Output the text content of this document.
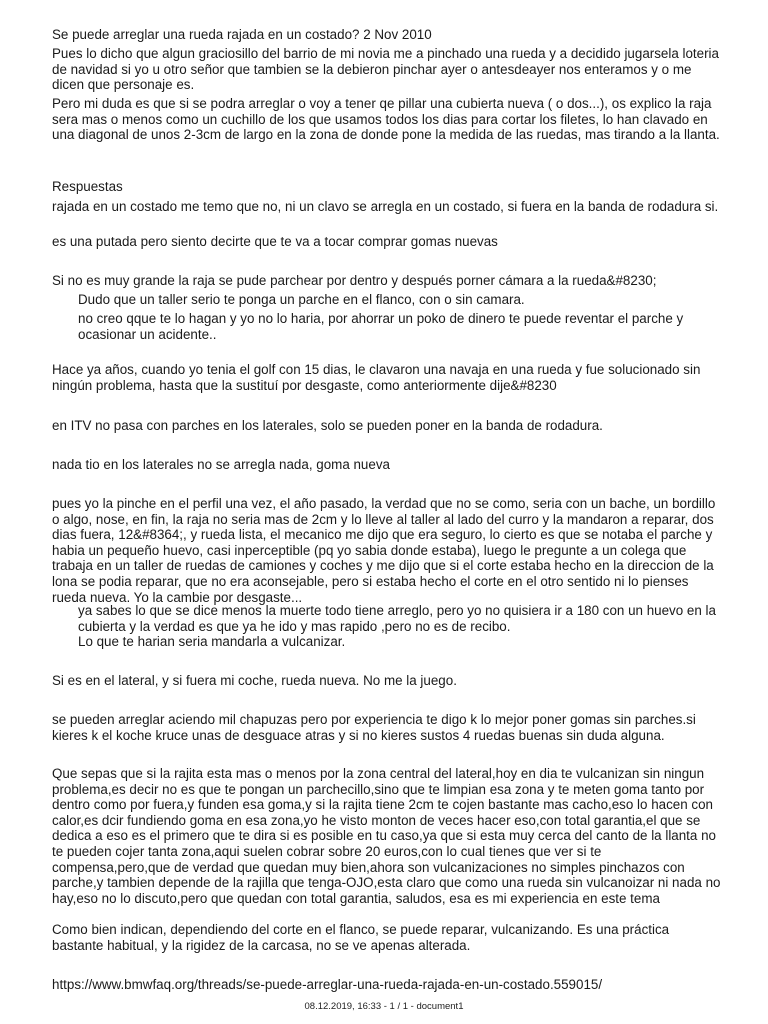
Se puede arreglar una rueda rajada en un costado? 2 Nov 2010

Pues lo dicho que algun graciosillo del barrio de mi novia me a pinchado una rueda y a decidido jugarsela loteria de navidad si yo u otro señor que tambien se la debieron pinchar ayer o antesdeayer nos enteramos y o me dicen que personaje es.

Pero mi duda es que si se podra arreglar o voy a tener qe pillar una cubierta nueva ( o dos...), os explico la raja sera mas o menos como un cuchillo de los que usamos todos los dias para cortar los filetes, lo han clavado en una diagonal de unos 2-3cm de largo en la zona de donde pone la medida de las ruedas, mas tirando a la llanta.

Respuestas

rajada en un costado me temo que no, ni un clavo se arregla en un costado, si fuera en la banda de rodadura si.

es una putada pero siento decirte que te va a tocar comprar gomas nuevas

Si no es muy grande la raja se pude parchear por dentro y después porner cámara a la rueda&#8230;

Dudo que un taller serio te ponga un parche en el flanco, con o sin camara.

no creo qque te lo hagan y yo no lo haria, por ahorrar un poko de dinero te puede reventar el parche y ocasionar un acidente..

Hace ya años, cuando yo tenia el golf con 15 dias, le clavaron una navaja en una rueda y fue solucionado sin ningún problema, hasta que la sustituí por desgaste, como anteriormente dije&#8230

en ITV no pasa con parches en los laterales, solo se pueden poner en la banda de rodadura.

nada tio en los laterales no se arregla nada, goma nueva

pues yo la pinche en el perfil una vez, el año pasado, la verdad que no se como, seria con un bache, un bordillo o algo, nose, en fin, la raja no seria mas de 2cm y lo lleve al taller al lado del curro y la mandaron a reparar, dos dias fuera, 12&#8364;, y rueda lista, el mecanico me dijo que era seguro, lo cierto es que se notaba el parche y habia un pequeño huevo, casi inperceptible (pq yo sabia donde estaba), luego le pregunte a un colega que trabaja en un taller de ruedas de camiones y coches y me dijo que si el corte estaba hecho en la direccion de la lona se podia reparar, que no era aconsejable, pero si estaba hecho el corte en el otro sentido ni lo pienses rueda nueva. Yo la cambie por desgaste...

ya sabes lo que se dice menos la muerte todo tiene arreglo, pero yo no quisiera ir a 180 con un huevo en la cubierta y la verdad es que ya he ido y mas rapido ,pero no es de recibo.

Lo que te harian seria mandarla a vulcanizar.

Si es en el lateral, y si fuera mi coche, rueda nueva. No me la juego.

se pueden arreglar aciendo mil chapuzas pero por experiencia te digo k lo mejor poner gomas sin parches.si kieres k el koche kruce unas de desguace atras y si no kieres sustos 4 ruedas buenas sin duda alguna.

Que sepas que si la rajita esta mas o menos por la zona central del lateral,hoy en dia te vulcanizan sin ningun problema,es decir no es que te pongan un parchecillo,sino que te limpian esa zona y te meten goma tanto por dentro como por fuera,y funden esa goma,y si la rajita tiene 2cm te cojen bastante mas cacho,eso lo hacen con calor,es dcir fundiendo goma en esa zona,yo he visto monton de veces hacer eso,con total garantia,el que se dedica a eso es el primero que te dira si es posible en tu caso,ya que si esta muy cerca del canto de la llanta no te pueden cojer tanta zona,aqui suelen cobrar sobre 20 euros,con lo cual tienes que ver si te compensa,pero,que de verdad que quedan muy bien,ahora son vulcanizaciones no simples pinchazos con parche,y tambien depende de la rajilla que tenga-OJO,esta claro que como una rueda sin vulcanoizar ni nada no hay,eso no lo discuto,pero que quedan con total garantia, saludos, esa es mi experiencia en este tema

Como bien indican, dependiendo del corte en el flanco, se puede reparar, vulcanizando. Es una práctica bastante habitual, y la rigidez de la carcasa, no se ve apenas alterada.

https://www.bmwfaq.org/threads/se-puede-arreglar-una-rueda-rajada-en-un-costado.559015/

08.12.2019, 16:33 - 1 / 1 - document1
